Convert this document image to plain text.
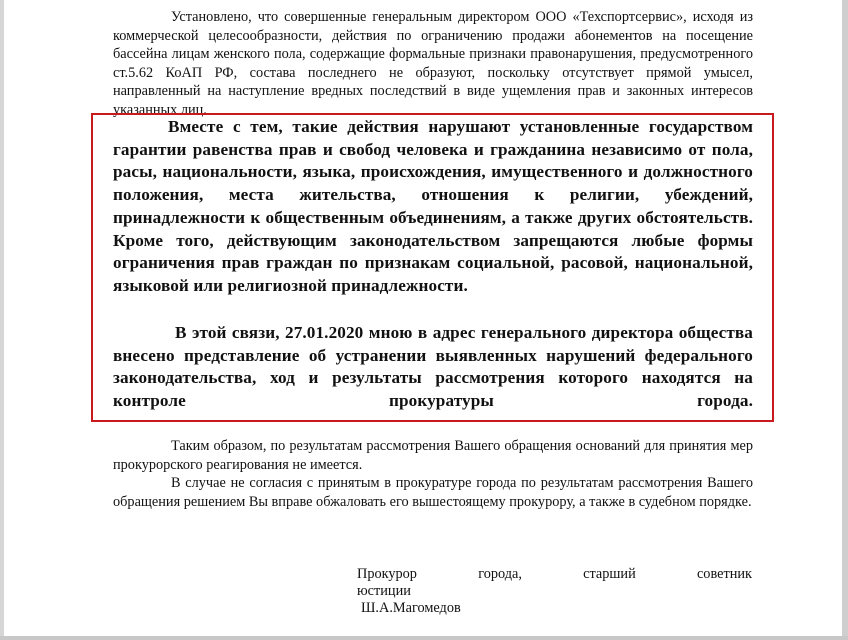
Установлено, что совершенные генеральным директором ООО «Техспортсервис», исходя из коммерческой целесообразности, действия по ограничению продажи абонементов на посещение бассейна лицам женского пола, содержащие формальные признаки правонарушения, предусмотренного ст.5.62 КоАП РФ, состава последнего не образуют, поскольку отсутствует прямой умысел, направленный на наступление вредных последствий в виде ущемления прав и законных интересов указанных лиц.
Вместе с тем, такие действия нарушают установленные государством гарантии равенства прав и свобод человека и гражданина независимо от пола, расы, национальности, языка, происхождения, имущественного и должностного положения, места жительства, отношения к религии, убеждений, принадлежности к общественным объединениям, а также других обстоятельств. Кроме того, действующим законодательством запрещаются любые формы ограничения прав граждан по признакам социальной, расовой, национальной, языковой или религиозной принадлежности.
В этой связи, 27.01.2020 мною в адрес генерального директора общества внесено представление об устранении выявленных нарушений федерального законодательства, ход и результаты рассмотрения которого находятся на контроле прокуратуры города.
Таким образом, по результатам рассмотрения Вашего обращения оснований для принятия мер прокурорского реагирования не имеется.
В случае не согласия с принятым в прокуратуре города по результатам рассмотрения Вашего обращения решением Вы вправе обжаловать его вышестоящему прокурору, а также в судебном порядке.
Прокурор	города,	старший	советник
юстиции
Ш.А.Магомедов
